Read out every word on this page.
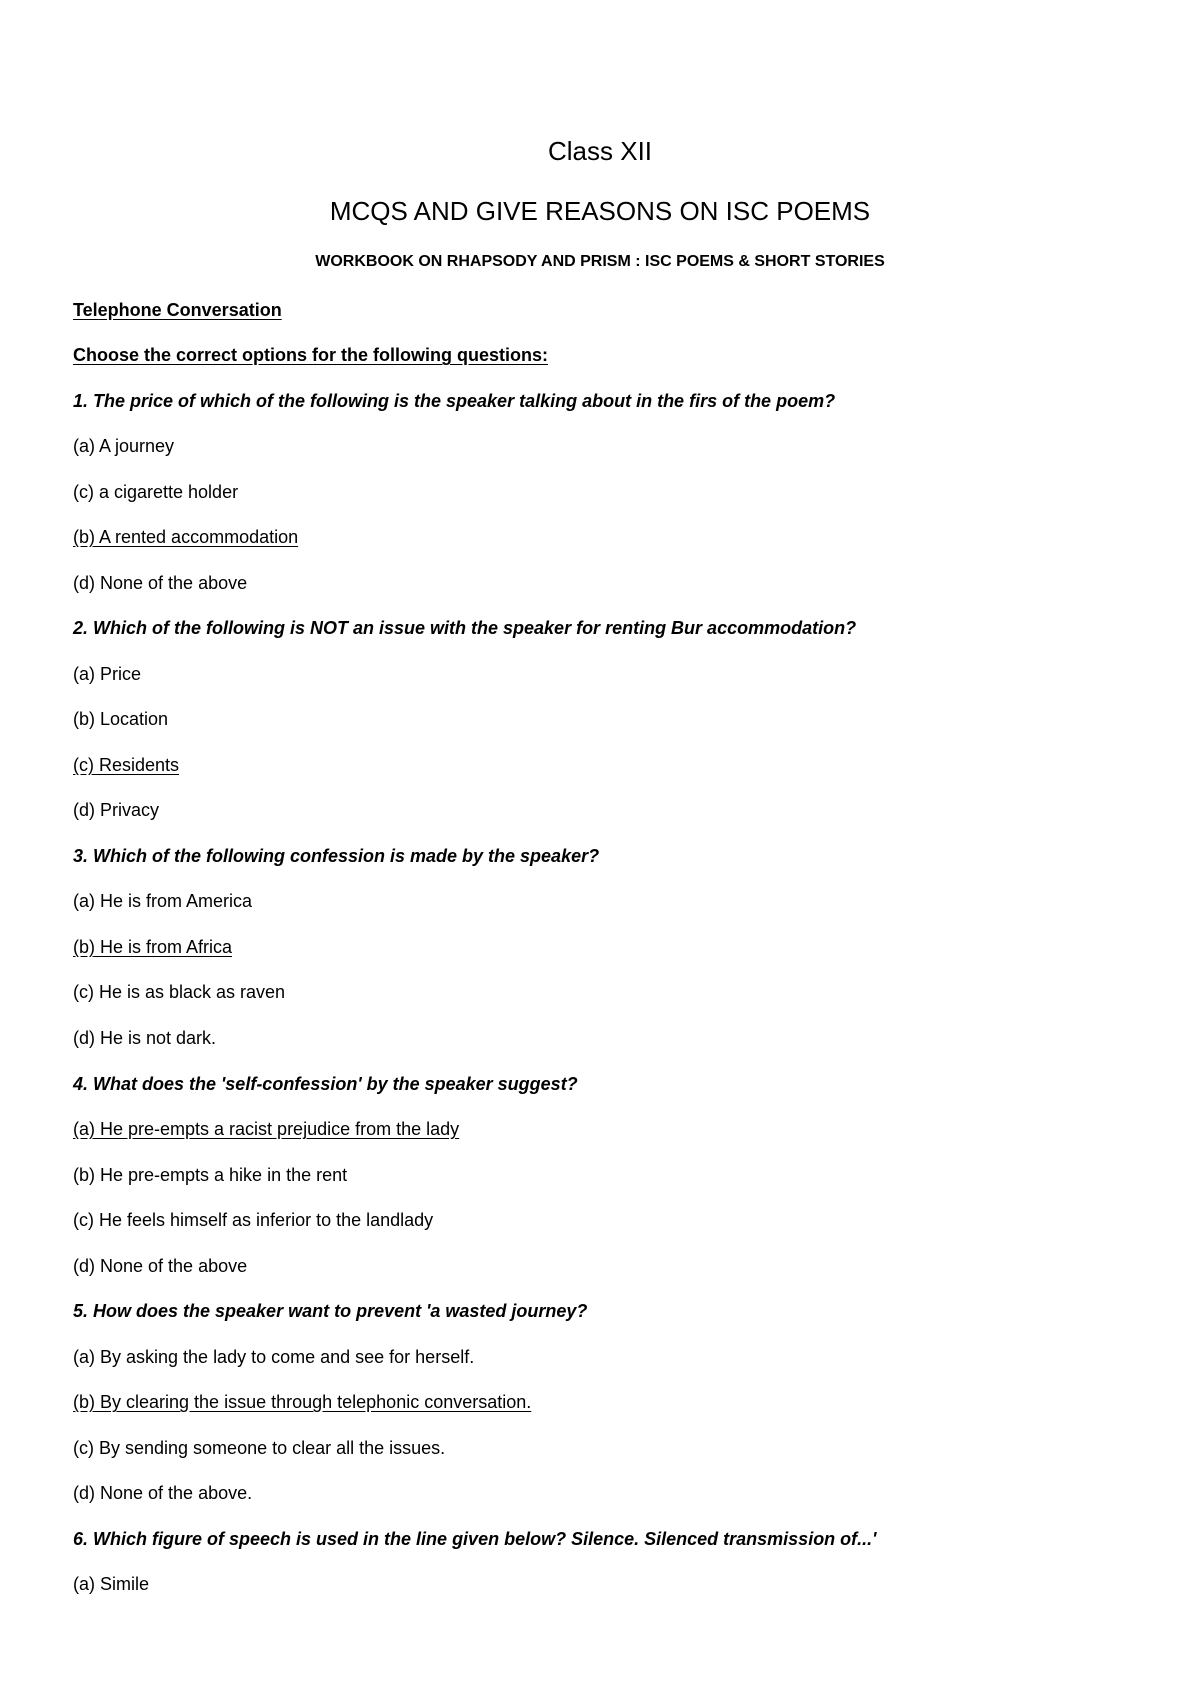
Class XII
MCQS AND GIVE REASONS ON ISC POEMS
WORKBOOK ON RHAPSODY AND PRISM : ISC POEMS & SHORT STORIES
Telephone Conversation
Choose the correct options for the following questions:
1. The price of which of the following is the speaker talking about in the firs of the poem?
(a) A journey
(c) a cigarette holder
(b) A rented accommodation
(d) None of the above
2. Which of the following is NOT an issue with the speaker for renting Bur accommodation?
(a) Price
(b) Location
(c) Residents
(d) Privacy
3. Which of the following confession is made by the speaker?
(a) He is from America
(b) He is from Africa
(c) He is as black as raven
(d) He is not dark.
4. What does the 'self-confession' by the speaker suggest?
(a) He pre-empts a racist prejudice from the lady
(b) He pre-empts a hike in the rent
(c) He feels himself as inferior to the landlady
(d) None of the above
5. How does the speaker want to prevent 'a wasted journey?
(a) By asking the lady to come and see for herself.
(b) By clearing the issue through telephonic conversation.
(c) By sending someone to clear all the issues.
(d) None of the above.
6. Which figure of speech is used in the line given below? Silence. Silenced transmission of...'
(a) Simile
